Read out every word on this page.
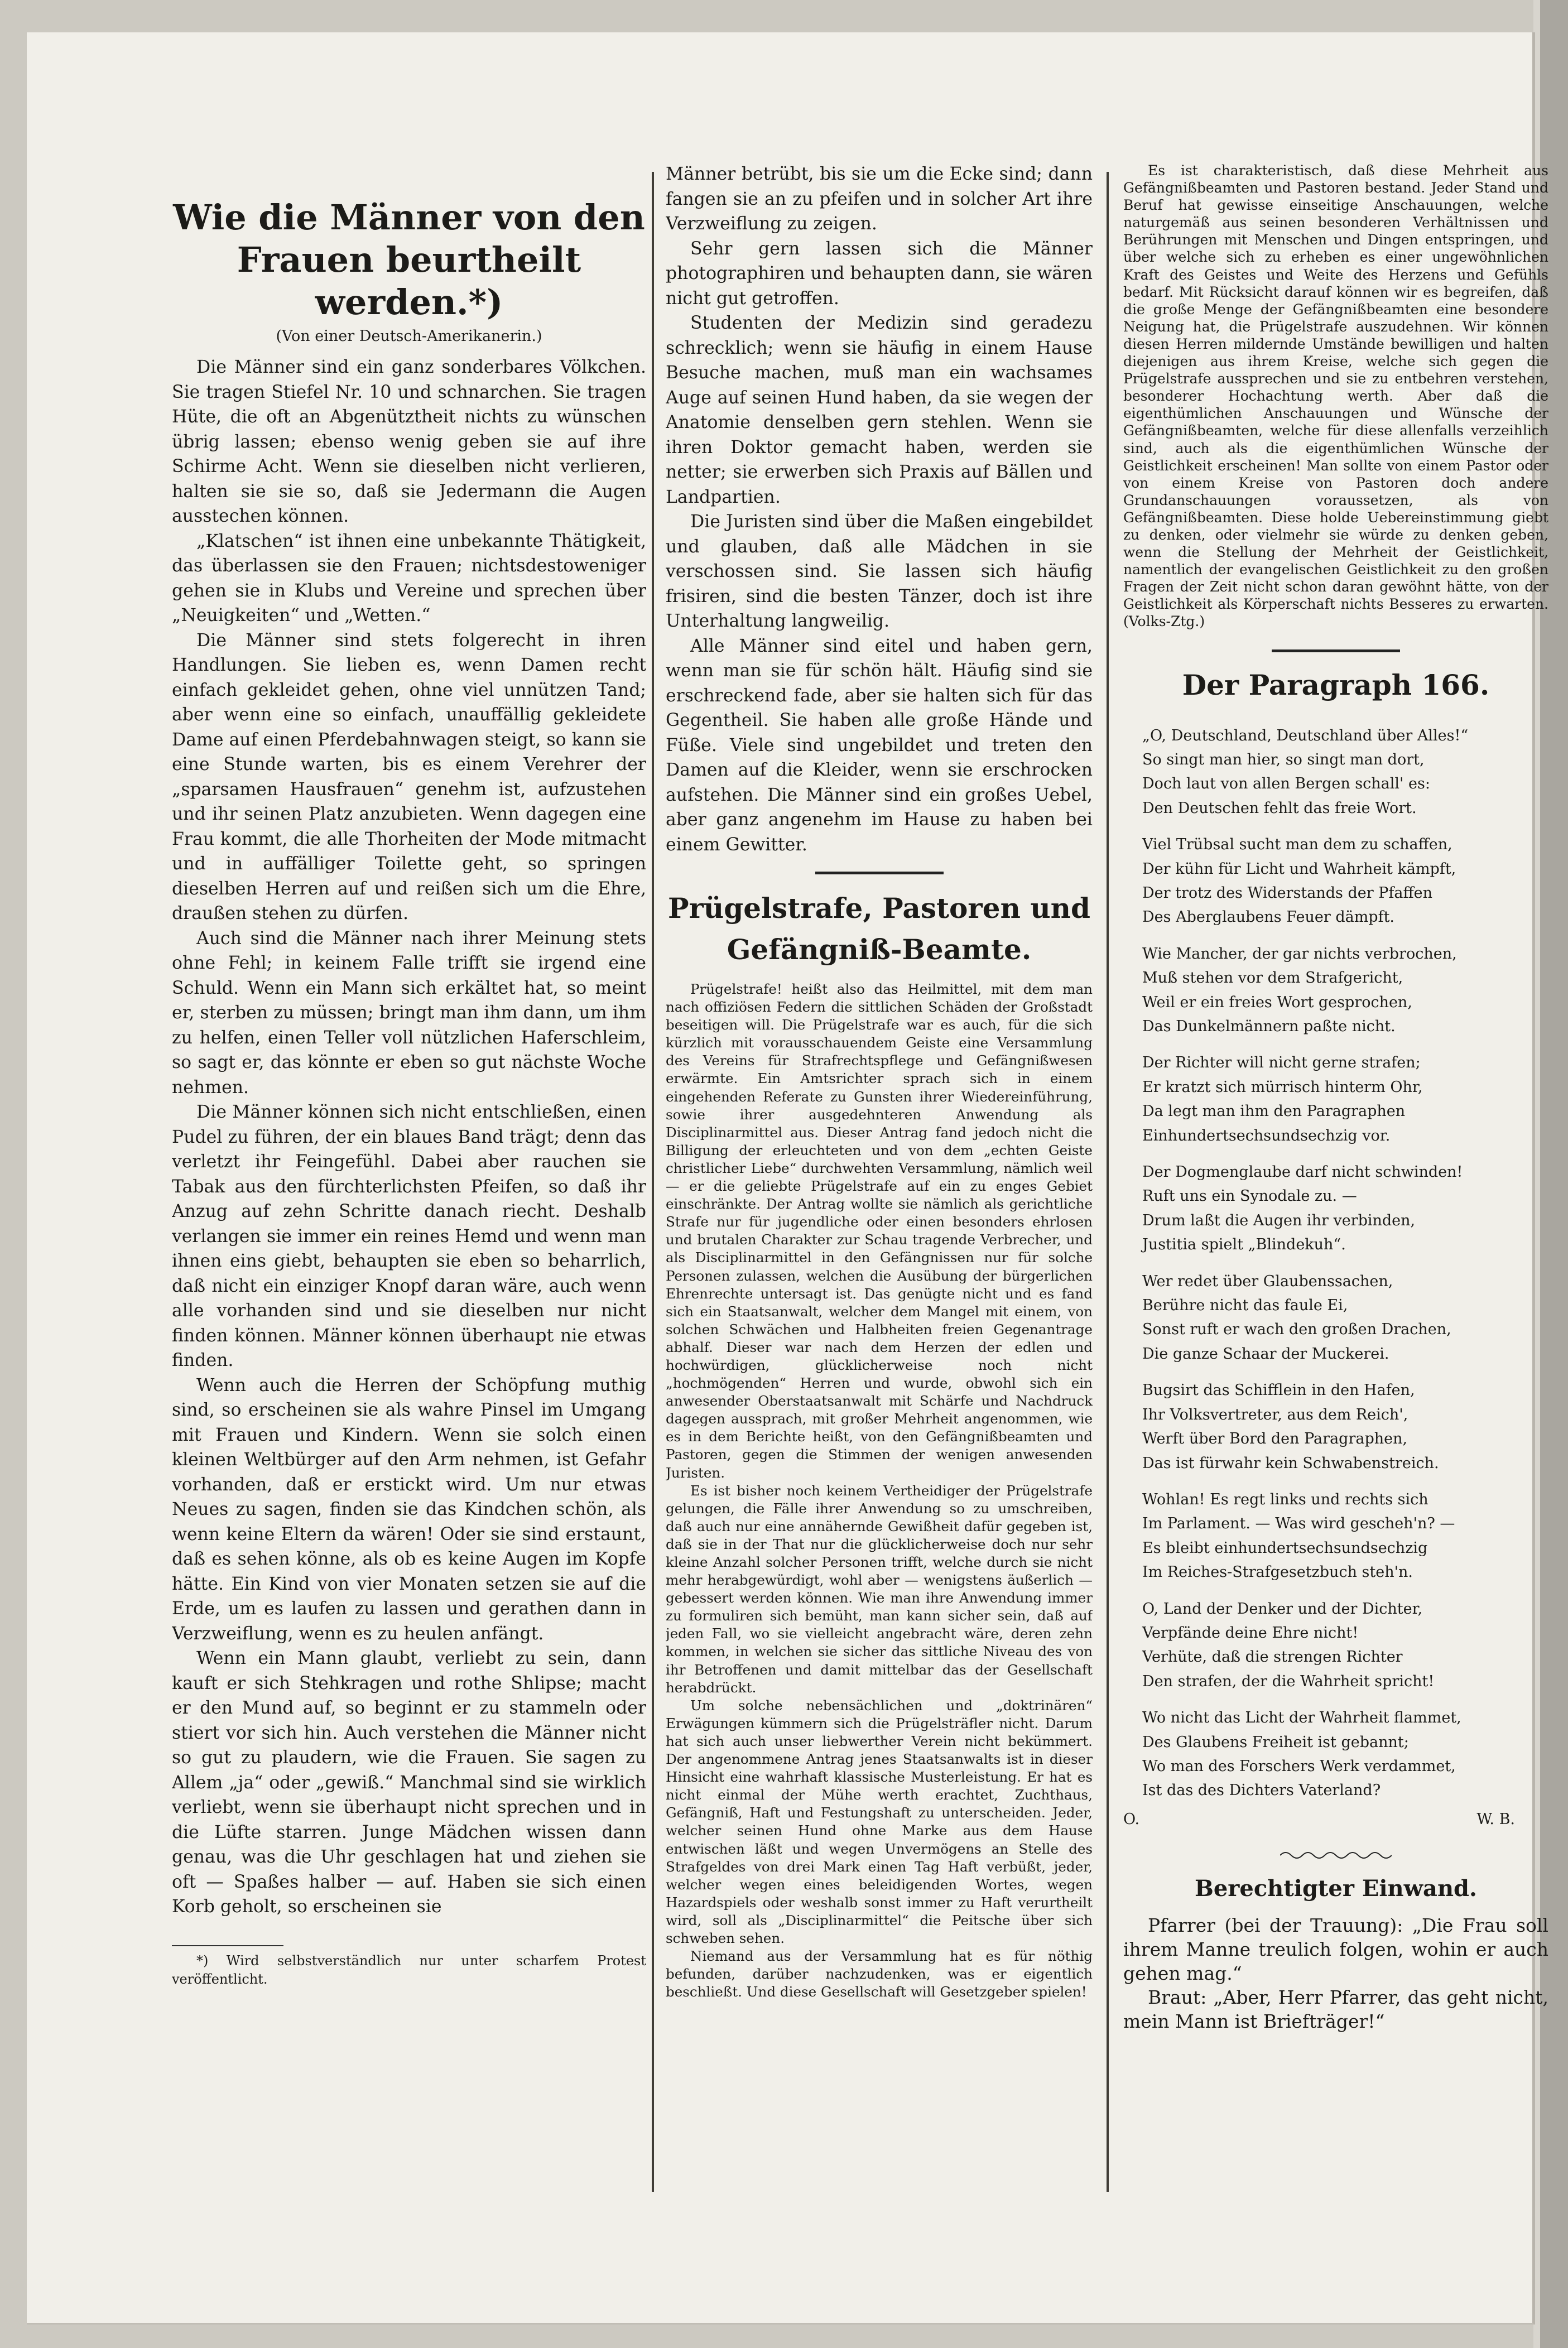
Wie die Männer von den Frauen beurtheilt werden.*)
(Von einer Deutsch-Amerikanerin.)

Die Männer sind ein ganz sonderbares Völkchen. Sie tragen Stiefel Nr. 10 und schnarchen. Sie tragen Hüte, die oft an Abgenütztheit nichts zu wünschen übrig lassen; ebenso wenig geben sie auf ihre Schirme Acht. Wenn sie dieselben nicht verlieren, halten sie sie so, daß sie Jedermann die Augen ausstechen können.

„Klatschen“ ist ihnen eine unbekannte Thätigkeit, das überlassen sie den Frauen; nichtsdestoweniger gehen sie in Klubs und Vereine und sprechen über „Neuigkeiten“ und „Wetten.“

Die Männer sind stets folgerecht in ihren Handlungen. Sie lieben es, wenn Damen recht einfach gekleidet gehen, ohne viel unnützen Tand; aber wenn eine so einfach, unauffällig gekleidete Dame auf einen Pferdebahnwagen steigt, so kann sie eine Stunde warten, bis es einem Verehrer der „sparsamen Hausfrauen“ genehm ist, aufzustehen und ihr seinen Platz anzubieten. Wenn dagegen eine Frau kommt, die alle Thorheiten der Mode mitmacht und in auffälliger Toilette geht, so springen dieselben Herren auf und reißen sich um die Ehre, draußen stehen zu dürfen.

Auch sind die Männer nach ihrer Meinung stets ohne Fehl; in keinem Falle trifft sie irgend eine Schuld. Wenn ein Mann sich erkältet hat, so meint er, sterben zu müssen; bringt man ihm dann, um ihm zu helfen, einen Teller voll nützlichen Haferschleim, so sagt er, das könnte er eben so gut nächste Woche nehmen.

Die Männer können sich nicht entschließen, einen Pudel zu führen, der ein blaues Band trägt; denn das verletzt ihr Feingefühl. Dabei aber rauchen sie Tabak aus den fürchterlichsten Pfeifen, so daß ihr Anzug auf zehn Schritte danach riecht. Deshalb verlangen sie immer ein reines Hemd und wenn man ihnen eins giebt, behaupten sie eben so beharrlich, daß nicht ein einziger Knopf daran wäre, auch wenn alle vorhanden sind und sie dieselben nur nicht finden können. Männer können überhaupt nie etwas finden.

Wenn auch die Herren der Schöpfung muthig sind, so erscheinen sie als wahre Pinsel im Umgang mit Frauen und Kindern. Wenn sie solch einen kleinen Weltbürger auf den Arm nehmen, ist Gefahr vorhanden, daß er erstickt wird. Um nur etwas Neues zu sagen, finden sie das Kindchen schön, als wenn keine Eltern da wären! Oder sie sind erstaunt, daß es sehen könne, als ob es keine Augen im Kopfe hätte. Ein Kind von vier Monaten setzen sie auf die Erde, um es laufen zu lassen und gerathen dann in Verzweiflung, wenn es zu heulen anfängt.

Wenn ein Mann glaubt, verliebt zu sein, dann kauft er sich Stehkragen und rothe Shlipse; macht er den Mund auf, so beginnt er zu stammeln oder stiert vor sich hin. Auch verstehen die Männer nicht so gut zu plaudern, wie die Frauen. Sie sagen zu Allem „ja“ oder „gewiß.“ Manchmal sind sie wirklich verliebt, wenn sie überhaupt nicht sprechen und in die Lüfte starren. Junge Mädchen wissen dann genau, was die Uhr geschlagen hat und ziehen sie oft — Spaßes halber — auf. Haben sie sich einen Korb geholt, so erscheinen sie

*) Wird selbstverständlich nur unter scharfem Protest veröffentlicht.

Männer betrübt, bis sie um die Ecke sind; dann fangen sie an zu pfeifen und in solcher Art ihre Verzweiflung zu zeigen.

Sehr gern lassen sich die Männer photographiren und behaupten dann, sie wären nicht gut getroffen.

Studenten der Medizin sind geradezu schrecklich; wenn sie häufig in einem Hause Besuche machen, muß man ein wachsames Auge auf seinen Hund haben, da sie wegen der Anatomie denselben gern stehlen. Wenn sie ihren Doktor gemacht haben, werden sie netter; sie erwerben sich Praxis auf Bällen und Landpartien.

Die Juristen sind über die Maßen eingebildet und glauben, daß alle Mädchen in sie verschossen sind. Sie lassen sich häufig frisiren, sind die besten Tänzer, doch ist ihre Unterhaltung langweilig.

Alle Männer sind eitel und haben gern, wenn man sie für schön hält. Häufig sind sie erschreckend fade, aber sie halten sich für das Gegentheil. Sie haben alle große Hände und Füße. Viele sind ungebildet und treten den Damen auf die Kleider, wenn sie erschrocken aufstehen. Die Männer sind ein großes Uebel, aber ganz angenehm im Hause zu haben bei einem Gewitter.

Prügelstrafe, Pastoren und Gefängniß-Beamte.

Prügelstrafe! heißt also das Heilmittel, mit dem man nach offiziösen Federn die sittlichen Schäden der Großstadt beseitigen will. Die Prügelstrafe war es auch, für die sich kürzlich mit vorausschauendem Geiste eine Versammlung des Vereins für Strafrechtspflege und Gefängnißwesen erwärmte. Ein Amtsrichter sprach sich in einem eingehenden Referate zu Gunsten ihrer Wiedereinführung, sowie ihrer ausgedehnteren Anwendung als Disciplinarmittel aus. Dieser Antrag fand jedoch nicht die Billigung der erleuchteten und von dem „echten Geiste christlicher Liebe“ durchwehten Versammlung, nämlich weil — er die geliebte Prügelstrafe auf ein zu enges Gebiet einschränkte. Der Antrag wollte sie nämlich als gerichtliche Strafe nur für jugendliche oder einen besonders ehrlosen und brutalen Charakter zur Schau tragende Verbrecher, und als Disciplinarmittel in den Gefängnissen nur für solche Personen zulassen, welchen die Ausübung der bürgerlichen Ehrenrechte untersagt ist. Das genügte nicht und es fand sich ein Staatsanwalt, welcher dem Mangel mit einem, von solchen Schwächen und Halbheiten freien Gegenantrage abhalf. Dieser war nach dem Herzen der edlen und hochwürdigen, glücklicherweise noch nicht „hochmögenden“ Herren und wurde, obwohl sich ein anwesender Oberstaatsanwalt mit Schärfe und Nachdruck dagegen aussprach, mit großer Mehrheit angenommen, wie es in dem Berichte heißt, von den Gefängnißbeamten und Pastoren, gegen die Stimmen der wenigen anwesenden Juristen.

Es ist bisher noch keinem Vertheidiger der Prügelstrafe gelungen, die Fälle ihrer Anwendung so zu umschreiben, daß auch nur eine annähernde Gewißheit dafür gegeben ist, daß sie in der That nur die glücklicherweise doch nur sehr kleine Anzahl solcher Personen trifft, welche durch sie nicht mehr herabgewürdigt, wohl aber — wenigstens äußerlich — gebessert werden können. Wie man ihre Anwendung immer zu formuliren sich bemüht, man kann sicher sein, daß auf jeden Fall, wo sie vielleicht angebracht wäre, deren zehn kommen, in welchen sie sicher das sittliche Niveau des von ihr Betroffenen und damit mittelbar das der Gesellschaft herabdrückt.

Um solche nebensächlichen und „doktrinären“ Erwägungen kümmern sich die Prügelsträfler nicht. Darum hat sich auch unser liebwerther Verein nicht bekümmert. Der angenommene Antrag jenes Staatsanwalts ist in dieser Hinsicht eine wahrhaft klassische Musterleistung. Er hat es nicht einmal der Mühe werth erachtet, Zuchthaus, Gefängniß, Haft und Festungshaft zu unterscheiden. Jeder, welcher seinen Hund ohne Marke aus dem Hause entwischen läßt und wegen Unvermögens an Stelle des Strafgeldes von drei Mark einen Tag Haft verbüßt, jeder, welcher wegen eines beleidigenden Wortes, wegen Hazardspiels oder weshalb sonst immer zu Haft verurtheilt wird, soll als „Disciplinarmittel“ die Peitsche über sich schweben sehen.

Niemand aus der Versammlung hat es für nöthig befunden, darüber nachzudenken, was er eigentlich beschließt. Und diese Gesellschaft will Gesetzgeber spielen!

Es ist charakteristisch, daß diese Mehrheit aus Gefängnißbeamten und Pastoren bestand. Jeder Stand und Beruf hat gewisse einseitige Anschauungen, welche naturgemäß aus seinen besonderen Verhältnissen und Berührungen mit Menschen und Dingen entspringen, und über welche sich zu erheben es einer ungewöhnlichen Kraft des Geistes und Weite des Herzens und Gefühls bedarf. Mit Rücksicht darauf können wir es begreifen, daß die große Menge der Gefängnißbeamten eine besondere Neigung hat, die Prügelstrafe auszudehnen. Wir können diesen Herren mildernde Umstände bewilligen und halten diejenigen aus ihrem Kreise, welche sich gegen die Prügelstrafe aussprechen und sie zu entbehren verstehen, besonderer Hochachtung werth. Aber daß die eigenthümlichen Anschauungen und Wünsche der Gefängnißbeamten, welche für diese allenfalls verzeihlich sind, auch als die eigenthümlichen Wünsche der Geistlichkeit erscheinen! Man sollte von einem Pastor oder von einem Kreise von Pastoren doch andere Grundanschauungen voraussetzen, als von Gefängnißbeamten. Diese holde Uebereinstimmung giebt zu denken, oder vielmehr sie würde zu denken geben, wenn die Stellung der Mehrheit der Geistlichkeit, namentlich der evangelischen Geistlichkeit zu den großen Fragen der Zeit nicht schon daran gewöhnt hätte, von der Geistlichkeit als Körperschaft nichts Besseres zu erwarten. (Volks-Ztg.)

Der Paragraph 166.
„O, Deutschland, Deutschland über Alles!“
So singt man hier, so singt man dort,
Doch laut von allen Bergen schall' es:
Den Deutschen fehlt das freie Wort.
Viel Trübsal sucht man dem zu schaffen,
Der kühn für Licht und Wahrheit kämpft,
Der trotz des Widerstands der Pfaffen
Des Aberglaubens Feuer dämpft.
Wie Mancher, der gar nichts verbrochen,
Muß stehen vor dem Strafgericht,
Weil er ein freies Wort gesprochen,
Das Dunkelmännern paßte nicht.
Der Richter will nicht gerne strafen;
Er kratzt sich mürrisch hinterm Ohr,
Da legt man ihm den Paragraphen
Einhundertsechsundsechzig vor.
Der Dogmenglaube darf nicht schwinden!
Ruft uns ein Synodale zu. —
Drum laßt die Augen ihr verbinden,
Justitia spielt „Blindekuh“.
Wer redet über Glaubenssachen,
Berühre nicht das faule Ei,
Sonst ruft er wach den großen Drachen,
Die ganze Schaar der Muckerei.
Bugsirt das Schifflein in den Hafen,
Ihr Volksvertreter, aus dem Reich',
Werft über Bord den Paragraphen,
Das ist fürwahr kein Schwabenstreich.
Wohlan! Es regt links und rechts sich
Im Parlament. — Was wird gescheh'n? —
Es bleibt einhundertsechsundsechzig
Im Reiches-Strafgesetzbuch steh'n.
O, Land der Denker und der Dichter,
Verpfände deine Ehre nicht!
Verhüte, daß die strengen Richter
Den strafen, der die Wahrheit spricht!
Wo nicht das Licht der Wahrheit flammet,
Des Glaubens Freiheit ist gebannt;
Wo man des Forschers Werk verdammet,
Ist das des Dichters Vaterland?
O.	W. B.
Berechtigter Einwand.

Pfarrer (bei der Trauung): „Die Frau soll ihrem Manne treulich folgen, wohin er auch gehen mag.“

Braut: „Aber, Herr Pfarrer, das geht nicht, mein Mann ist Briefträger!“
